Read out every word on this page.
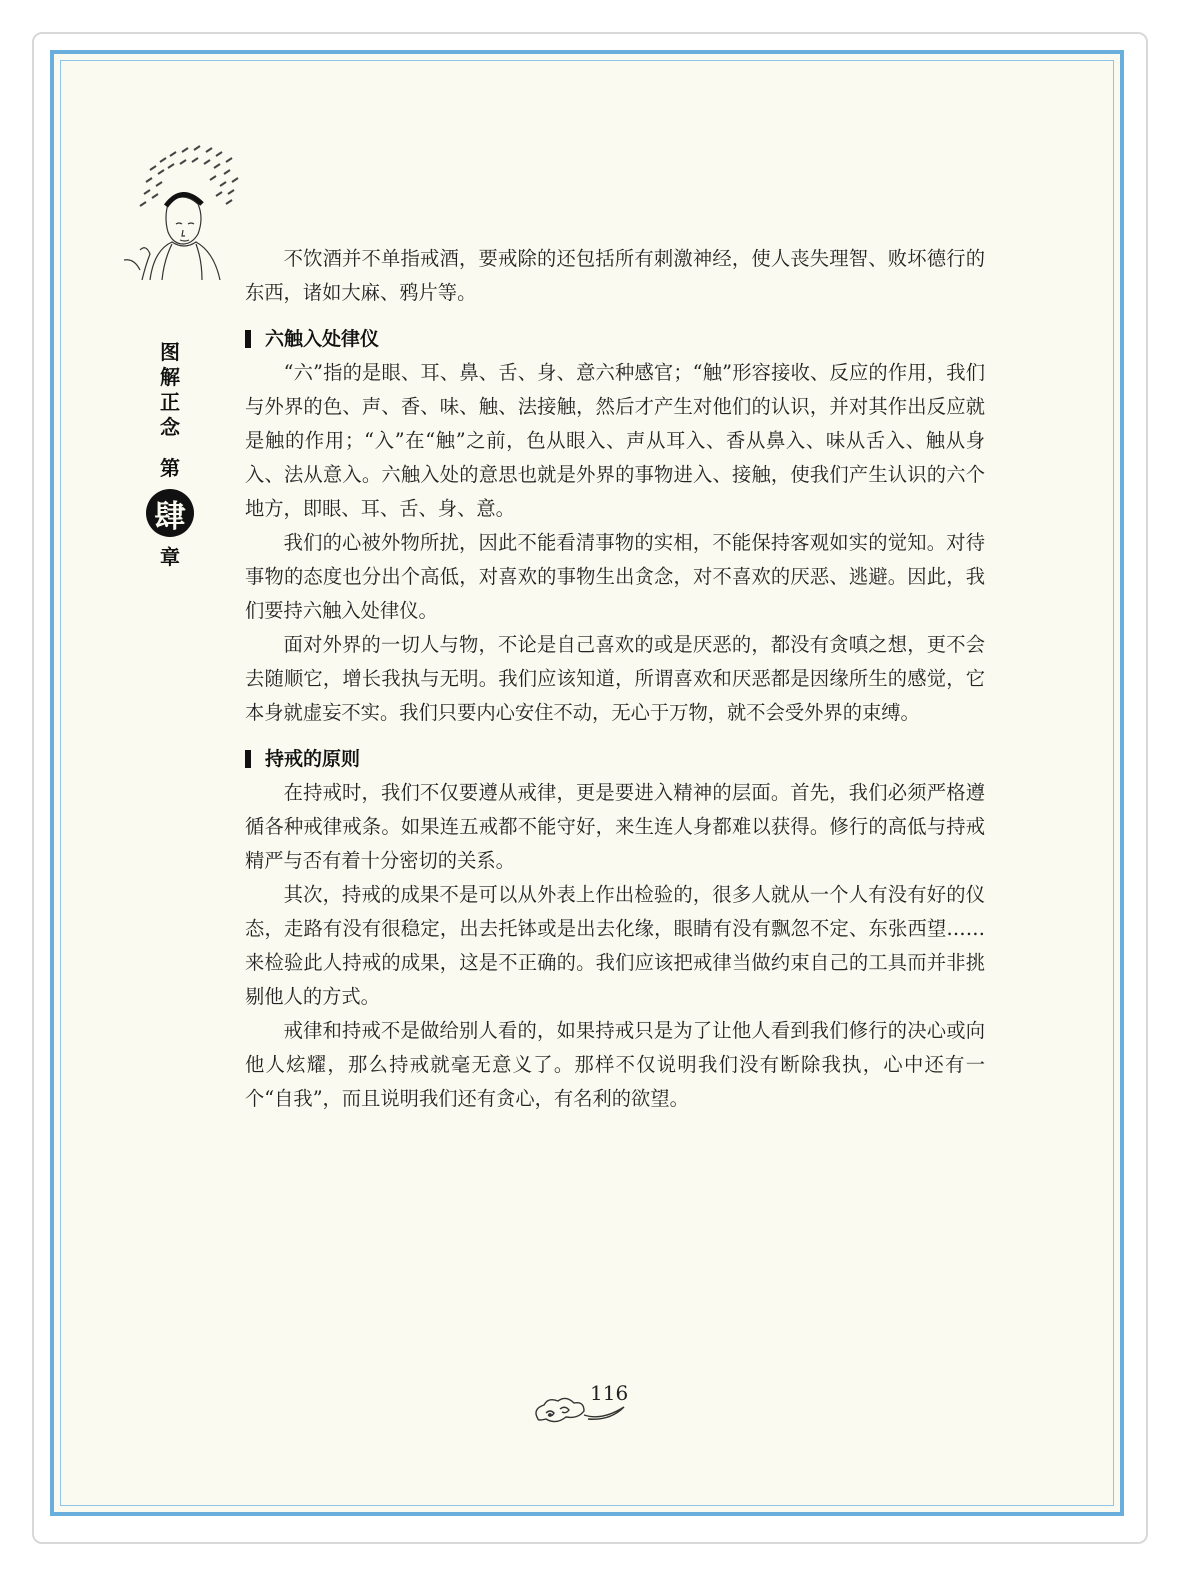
图
解
正
念
第
肆
章

不饮酒并不单指戒酒，要戒除的还包括所有刺激神经，使人丧失理智、败坏德行的东西，诸如大麻、鸦片等。

六触入处律仪

“六”指的是眼、耳、鼻、舌、身、意六种感官；“触”形容接收、反应的作用，我们与外界的色、声、香、味、触、法接触，然后才产生对他们的认识，并对其作出反应就是触的作用；“入”在“触”之前，色从眼入、声从耳入、香从鼻入、味从舌入、触从身入、法从意入。六触入处的意思也就是外界的事物进入、接触，使我们产生认识的六个地方，即眼、耳、舌、身、意。

我们的心被外物所扰，因此不能看清事物的实相，不能保持客观如实的觉知。对待事物的态度也分出个高低，对喜欢的事物生出贪念，对不喜欢的厌恶、逃避。因此，我们要持六触入处律仪。

面对外界的一切人与物，不论是自己喜欢的或是厌恶的，都没有贪嗔之想，更不会去随顺它，增长我执与无明。我们应该知道，所谓喜欢和厌恶都是因缘所生的感觉，它本身就虚妄不实。我们只要内心安住不动，无心于万物，就不会受外界的束缚。

持戒的原则

在持戒时，我们不仅要遵从戒律，更是要进入精神的层面。首先，我们必须严格遵循各种戒律戒条。如果连五戒都不能守好，来生连人身都难以获得。修行的高低与持戒精严与否有着十分密切的关系。

其次，持戒的成果不是可以从外表上作出检验的，很多人就从一个人有没有好的仪态，走路有没有很稳定，出去托钵或是出去化缘，眼睛有没有飘忽不定、东张西望……来检验此人持戒的成果，这是不正确的。我们应该把戒律当做约束自己的工具而并非挑剔他人的方式。

戒律和持戒不是做给别人看的，如果持戒只是为了让他人看到我们修行的决心或向他人炫耀，那么持戒就毫无意义了。那样不仅说明我们没有断除我执，心中还有一个“自我”，而且说明我们还有贪心，有名利的欲望。

116
